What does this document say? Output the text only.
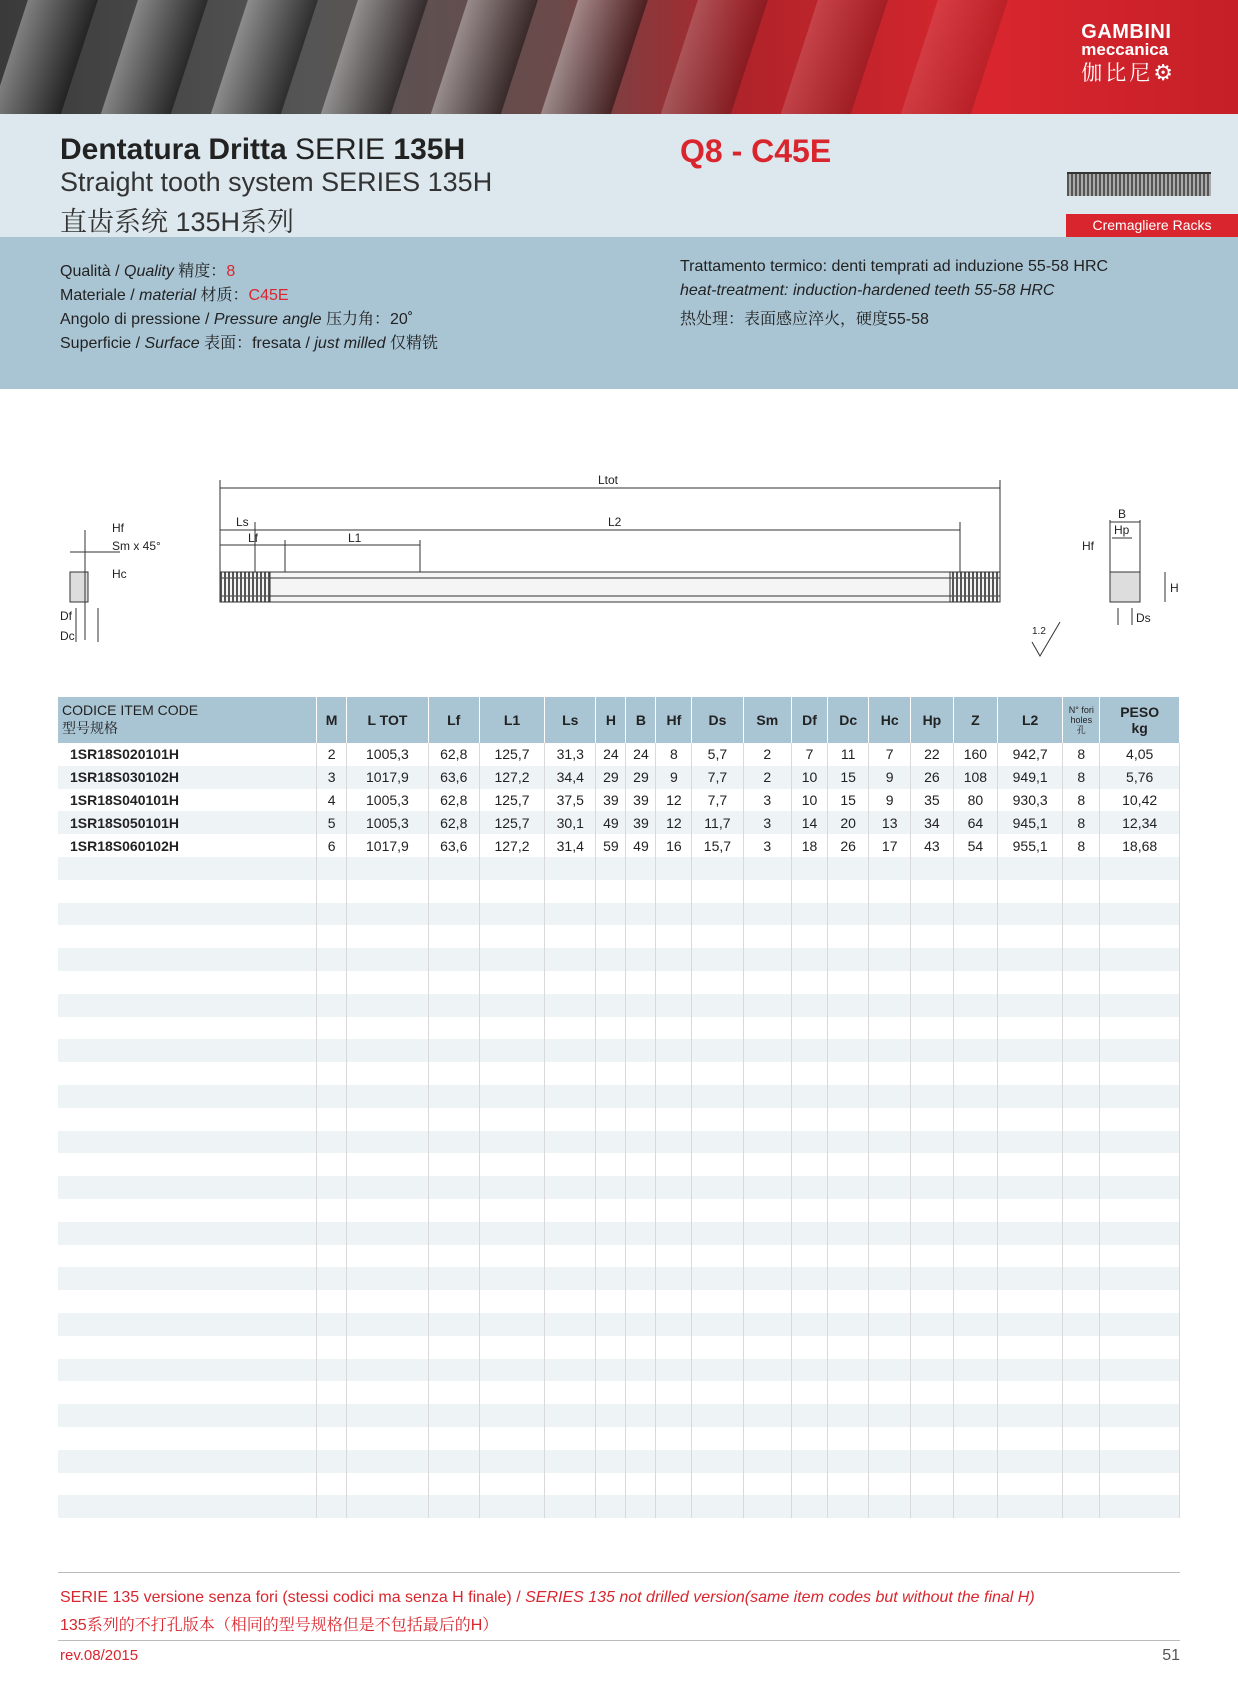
GAMBINI
meccanica
伽比尼⚙
Dentatura Dritta SERIE 135H
Straight tooth system SERIES 135H
直齿系统 135H系列
Q8 - C45E
Cremagliere Racks
Qualità / Quality 精度：8
Materiale / material 材质：C45E
Angolo di pressione / Pressure angle 压力角：20˚
Superficie / Surface 表面：fresata / just milled 仅精铣
Trattamento termico: denti temprati ad induzione 55-58 HRC
heat-treatment: induction-hardened teeth 55-58 HRC
热处理：表面感应淬火，硬度55-58
Ltot
L2
Ls
Lf	L1
Hf
Sm x 45°
Hc
Df
Dc
B
Hp
Hf
H
Ds
1.2
CODICE ITEM CODE
型号规格	M	L TOT	Lf	L1	Ls	H	B	Hf	Ds	Sm	Df	Dc	Hc	Hp	Z	L2	N° fori holes 孔	PESO
kg
1SR18S020101H	2	1005,3	62,8	125,7	31,3	24	24	8	5,7	2	7	11	7	22	160	942,7	8	4,05
1SR18S030102H	3	1017,9	63,6	127,2	34,4	29	29	9	7,7	2	10	15	9	26	108	949,1	8	5,76
1SR18S040101H	4	1005,3	62,8	125,7	37,5	39	39	12	7,7	3	10	15	9	35	80	930,3	8	10,42
1SR18S050101H	5	1005,3	62,8	125,7	30,1	49	39	12	11,7	3	14	20	13	34	64	945,1	8	12,34
1SR18S060102H	6	1017,9	63,6	127,2	31,4	59	49	16	15,7	3	18	26	17	43	54	955,1	8	18,68

SERIE 135 versione senza fori (stessi codici ma senza H finale) / SERIES 135 not drilled version(same item codes but without the final H)
135系列的不打孔版本（相同的型号规格但是不包括最后的H）
rev.08/2015	51
